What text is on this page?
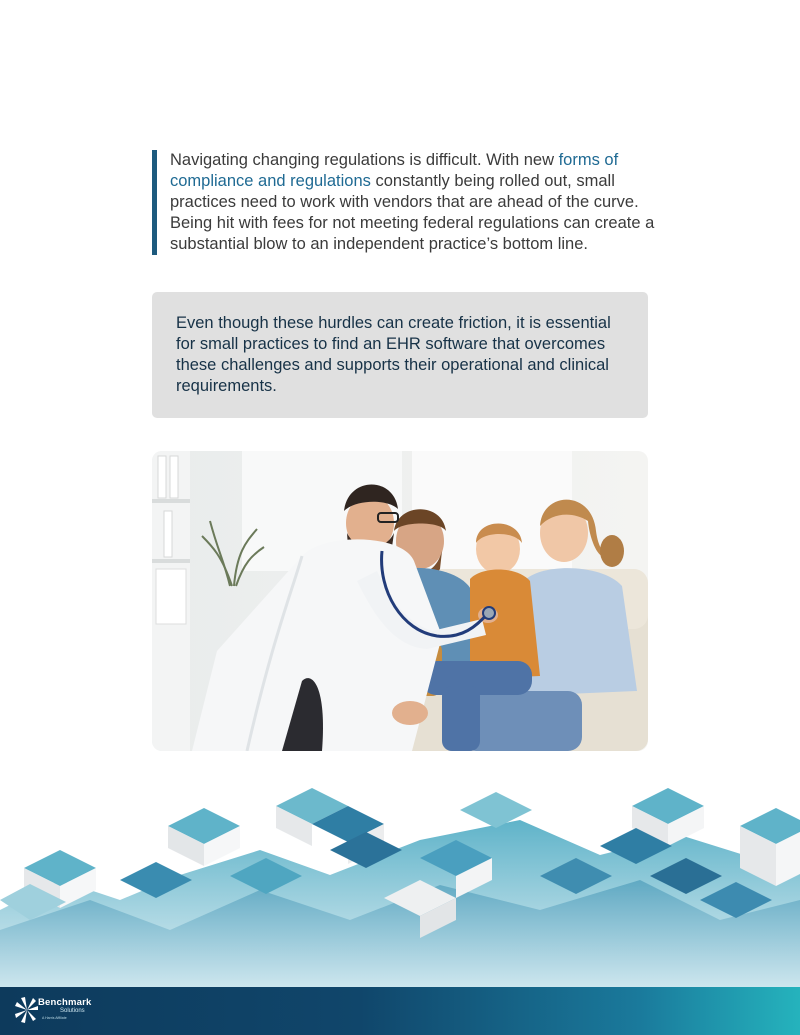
Navigating changing regulations is difficult. With new forms of compliance and regulations constantly being rolled out, small practices need to work with vendors that are ahead of the curve. Being hit with fees for not meeting federal regulations can create a substantial blow to an independent practice’s bottom line.

Even though these hurdles can create friction, it is essential for small practices to find an EHR software that overcomes these challenges and supports their operational and clinical requirements.

Benchmark
Solutions
A Harris Affiliate
